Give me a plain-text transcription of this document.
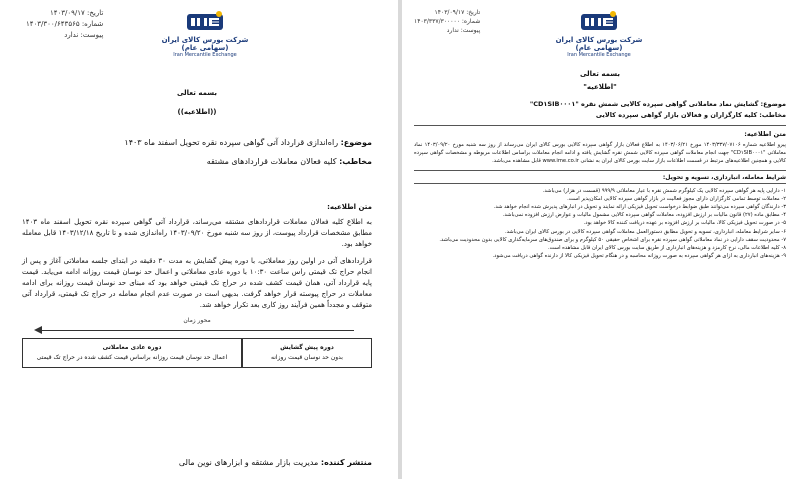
تاریخ: ۱۴۰۳/۰۹/۱۷
شماره: ۱۴۰۳/۳۰۰/۶۴۳۵۶۵
پیوست: ندارد
شرکت بورس کالای ایران (سهامی عام)
Iran Mercantile Exchange
بسمه تعالی
((اطلاعیه))
موضوع: راه‌اندازی قرارداد آتی گواهی سپرده نقره تحویل اسفند ماه ۱۴۰۳
مخاطب: کلیه فعالان معاملات قراردادهای مشتقه
متن اطلاعیه:
به اطلاع کلیه فعالان معاملات قراردادهای مشتقه می‌رساند، قرارداد آتی گواهی سپرده نقره تحویل اسفند ماه ۱۴۰۳ مطابق مشخصات قرارداد پیوست، از روز سه شنبه مورخ ۱۴۰۳/۰۹/۲۰ راه‌اندازی شده و تا تاریخ ۱۴۰۳/۱۲/۱۸ قابل معامله خواهد بود.
قراردادهای آتی در اولین روز معاملاتی، با دوره پیش گشایش به مدت ۳۰ دقیقه در ابتدای جلسه معاملاتی آغاز و پس از انجام حراج تک قیمتی راس ساعت ۱۰:۳۰ با دوره عادی معاملاتی و اعمال حد نوسان قیمت روزانه ادامه می‌یابد. قیمت پایه قرارداد آتی، همان قیمت کشف شده در حراج تک قیمتی خواهد بود که مبنای حد نوسان قیمت روزانه برای ادامه معاملات در حراج پیوسته قرار خواهد گرفت. بدیهی است در صورت عدم انجام معامله در حراج تک قیمتی، قرارداد آتی متوقف و مجدداً همین فرآیند روز کاری بعد تکرار خواهد شد.
محور زمان
دوره پیش گشایش
بدون حد نوسان قیمت روزانه
دوره عادی معاملاتی
اعمال حد نوسان قیمت روزانه براساس قیمت کشف شده در حراج تک قیمتی
منتشر کننده: مدیریت بازار مشتقه و ابزارهای نوین مالی
تاریخ: ۱۴۰۳/۰۹/۱۷
شماره: ۱۴۰۳/۳۳۷/۳۰۰۰۰۰
پیوست: ندارد
شرکت بورس کالای ایران (سهامی عام)
Iran Mercantile Exchange
بسمه تعالی
"اطلاعیه"
موضوع: گشایش نماد معاملاتی گواهی سپرده کالایی شمش نقره "CD۱SIB۰۰۰۱"
مخاطب: کلیه کارگزاران و فعالان بازار گواهی سپرده کالایی
متن اطلاعیه:
پیرو اطلاعیه شماره ۱۴۰۳/۳۳۷/۰۷۱۰۶ مورخ ۱۴۰۳/۰۶/۲۱ به اطلاع فعالان بازار گواهی سپرده کالایی بورس کالای ایران می‌رساند از روز سه شنبه مورخ ۱۴۰۳/۰۹/۲۰ نماد معاملاتی "CD۱SIB۰۰۰۱" جهت انجام معاملات گواهی سپرده کالایی شمش نقره گشایش یافته و ادامه انجام معاملات براساس اطلاعات مربوطه و مشخصات گواهی سپرده کالایی و همچنین اطلاعیه‌های مرتبط در قسمت اطلاعات بازار سایت بورس کالای ایران به نشانی www.ime.co.ir قابل مشاهده می‌باشد.
شرایط معامله، انبارداری، تسویه و تحویل:

۱- دارایی پایه هر گواهی سپرده کالایی یک کیلوگرم شمش نقره با عیار معاملاتی ۹۹۹/۹ (قسمت در هزار) می‌باشد.

۲- معاملات توسط تمامی کارگزاران دارای مجوز فعالیت در بازار گواهی سپرده کالایی امکان‌پذیر است.

۳- دارندگان گواهی سپرده می‌توانند طبق ضوابط درخواست تحویل فیزیکی ارائه نمایند و تحویل در انبارهای پذیرش شده انجام خواهد شد.

۴- مطابق ماده (۲۷) قانون مالیات بر ارزش افزوده، معاملات گواهی سپرده کالایی مشمول مالیات و عوارض ارزش افزوده نمی‌باشد.

۵- در صورت تحویل فیزیکی کالا، مالیات بر ارزش افزوده بر عهده دریافت کننده کالا خواهد بود.

۶- سایر شرایط معامله، انبارداری، تسویه و تحویل مطابق دستورالعمل معاملات گواهی سپرده کالایی در بورس کالای ایران می‌باشد.

۷- محدودیت سقف دارایی در نماد معاملاتی گواهی سپرده نقره برای اشخاص حقیقی ۵۰ کیلوگرم و برای صندوق‌های سرمایه‌گذاری کالایی بدون محدودیت می‌باشد.

۸- کلیه اطلاعات مالی، نرخ کارمزد و هزینه‌های انبارداری از طریق سایت بورس کالای ایران قابل مشاهده است.

۹- هزینه‌های انبارداری به ازای هر گواهی سپرده به صورت روزانه محاسبه و در هنگام تحویل فیزیکی کالا از دارنده گواهی دریافت می‌شود.
